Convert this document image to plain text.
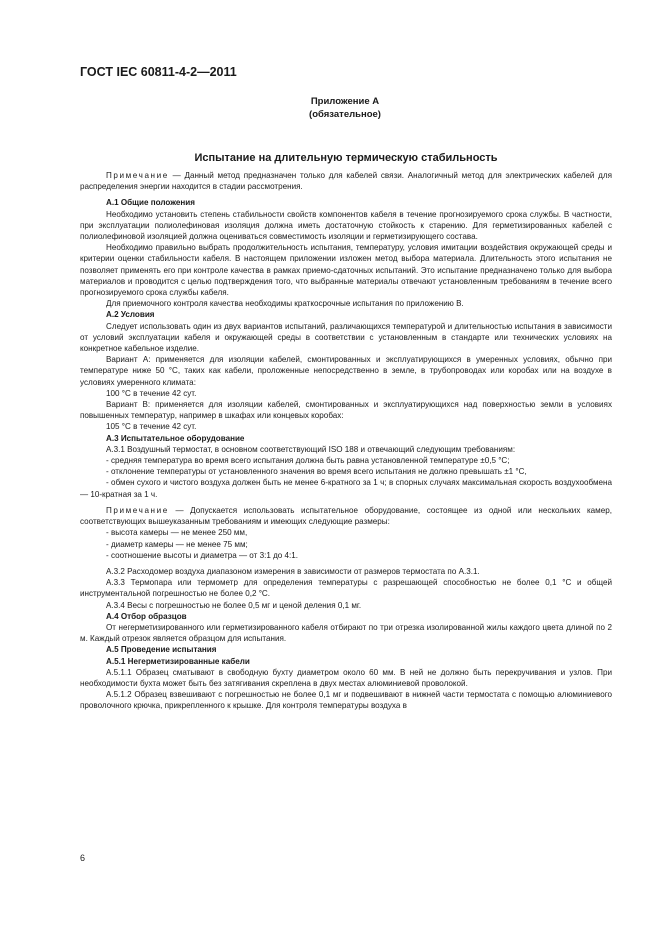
ГОСТ IEC 60811-4-2—2011
Приложение А
(обязательное)
Испытание на длительную термическую стабильность

Примечание — Данный метод предназначен только для кабелей связи. Аналогичный метод для электрических кабелей для распределения энергии находится в стадии рассмотрения.

А.1 Общие положения

Необходимо установить степень стабильности свойств компонентов кабеля в течение прогнозируемого срока службы. В частности, при эксплуатации полиолефиновая изоляция должна иметь достаточную стойкость к старению. Для герметизированных кабелей с полиолефиновой изоляцией должна оцениваться совместимость изоляции и герметизирующего состава.

Необходимо правильно выбрать продолжительность испытания, температуру, условия имитации воздействия окружающей среды и критерии оценки стабильности кабеля. В настоящем приложении изложен метод выбора материала. Длительность этого испытания не позволяет применять его при контроле качества в рамках приемо-сдаточных испытаний. Это испытание предназначено только для выбора материалов и проводится с целью подтверждения того, что выбранные материалы отвечают установленным требованиям в течение всего прогнозируемого срока службы кабеля.

Для приемочного контроля качества необходимы краткосрочные испытания по приложению В.

А.2 Условия

Следует использовать один из двух вариантов испытаний, различающихся температурой и длительностью испытания в зависимости от условий эксплуатации кабеля и окружающей среды в соответствии с установленным в стандарте или технических условиях на конкретное кабельное изделие.

Вариант А: применяется для изоляции кабелей, смонтированных и эксплуатирующихся в умеренных условиях, обычно при температуре ниже 50 °С, таких как кабели, проложенные непосредственно в земле, в трубопроводах или коробах или на воздухе в условиях умеренного климата:

100 °С в течение 42 сут.

Вариант В: применяется для изоляции кабелей, смонтированных и эксплуатирующихся над поверхностью земли в условиях повышенных температур, например в шкафах или концевых коробах:

105 °С в течение 42 сут.

А.3 Испытательное оборудование

А.3.1 Воздушный термостат, в основном соответствующий ISO 188 и отвечающий следующим требованиям:

- средняя температура во время всего испытания должна быть равна установленной температуре ±0,5 °С;

- отклонение температуры от установленного значения во время всего испытания не должно превышать ±1 °С,

- обмен сухого и чистого воздуха должен быть не менее 6-кратного за 1 ч; в спорных случаях максимальная скорость воздухообмена — 10-кратная за 1 ч.

Примечание — Допускается использовать испытательное оборудование, состоящее из одной или нескольких камер, соответствующих вышеуказанным требованиям и имеющих следующие размеры:

- высота камеры — не менее 250 мм,

- диаметр камеры — не менее 75 мм;

- соотношение высоты и диаметра — от 3:1 до 4:1.

А.3.2 Расходомер воздуха диапазоном измерения в зависимости от размеров термостата по А.3.1.

А.3.3 Термопара или термометр для определения температуры с разрешающей способностью не более 0,1 °С и общей инструментальной погрешностью не более 0,2 °С.

А.3.4 Весы с погрешностью не более 0,5 мг и ценой деления 0,1 мг.

А.4 Отбор образцов

От негерметизированного или герметизированного кабеля отбирают по три отрезка изолированной жилы каждого цвета длиной по 2 м. Каждый отрезок является образцом для испытания.

А.5 Проведение испытания

А.5.1 Негерметизированные кабели

А.5.1.1 Образец сматывают в свободную бухту диаметром около 60 мм. В ней не должно быть перекручивания и узлов. При необходимости бухта может быть без затягивания скреплена в двух местах алюминиевой проволокой.

А.5.1.2 Образец взвешивают с погрешностью не более 0,1 мг и подвешивают в нижней части термостата с помощью алюминиевого проволочного крючка, прикрепленного к крышке. Для контроля температуры воздуха в

6
